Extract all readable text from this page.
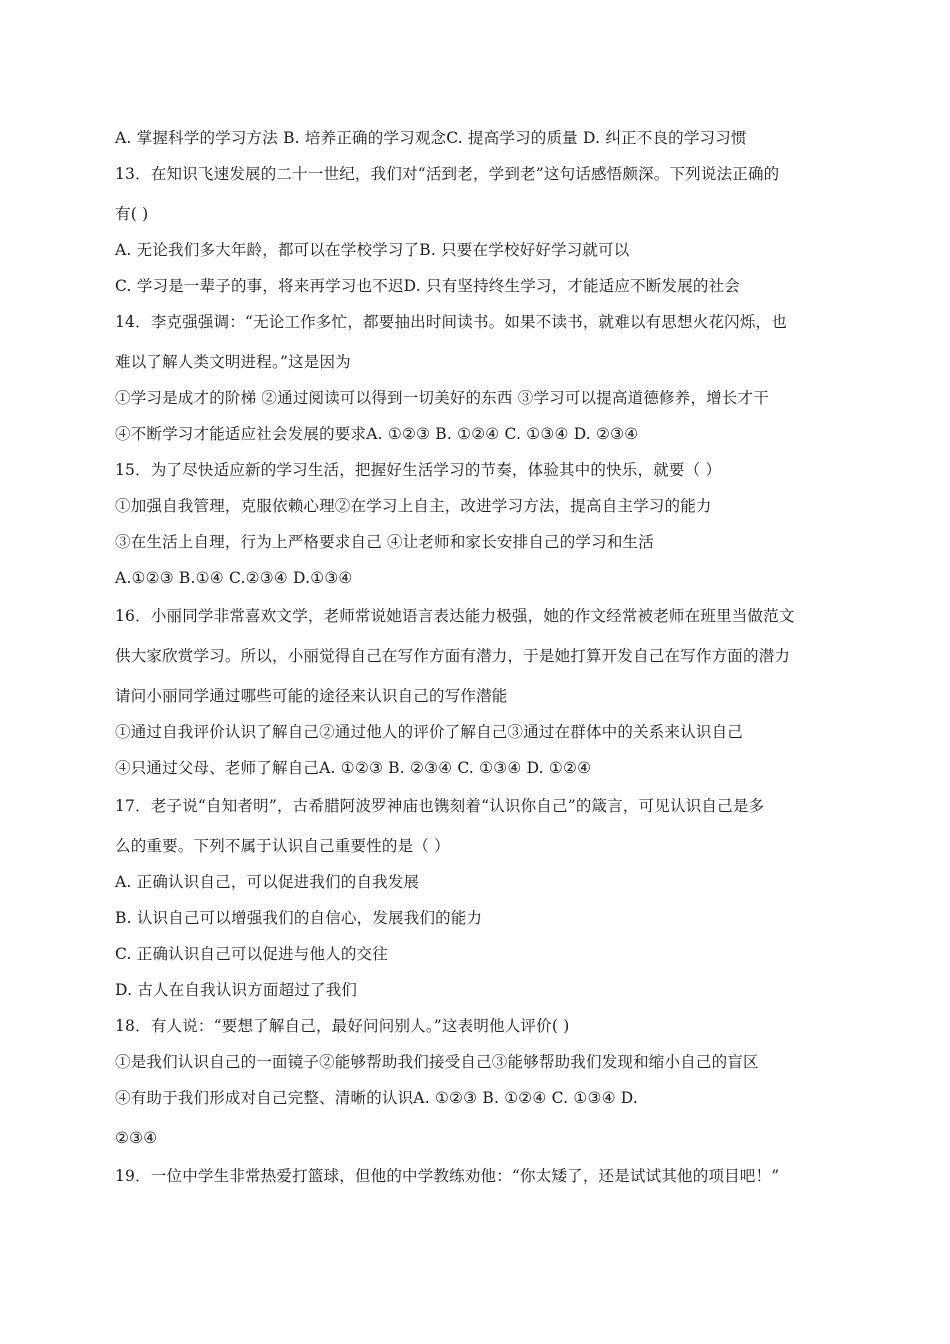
A. 掌握科学的学习方法 B. 培养正确的学习观念C. 提高学习的质量 D. 纠正不良的学习习惯
13．在知识飞速发展的二十一世纪，我们对“活到老，学到老”这句话感悟颇深。下列说法正确的
有( )
A. 无论我们多大年龄，都可以在学校学习了B. 只要在学校好好学习就可以
C. 学习是一辈子的事，将来再学习也不迟D. 只有坚持终生学习，才能适应不断发展的社会
14．李克强强调：“无论工作多忙，都要抽出时间读书。如果不读书，就难以有思想火花闪烁，也
难以了解人类文明进程。”这是因为
①学习是成才的阶梯 ②通过阅读可以得到一切美好的东西 ③学习可以提高道德修养，增长才干
④不断学习才能适应社会发展的要求A. ①②③ B. ①②④ C. ①③④ D. ②③④
15．为了尽快适应新的学习生活，把握好生活学习的节奏，体验其中的快乐，就要（ ）
①加强自我管理，克服依赖心理②在学习上自主，改进学习方法，提高自主学习的能力
③在生活上自理，行为上严格要求自己 ④让老师和家长安排自己的学习和生活
A.①②③ B.①④ C.②③④ D.①③④
16．小丽同学非常喜欢文学，老师常说她语言表达能力极强，她的作文经常被老师在班里当做范文
供大家欣赏学习。所以，小丽觉得自己在写作方面有潜力，于是她打算开发自己在写作方面的潜力
请问小丽同学通过哪些可能的途径来认识自己的写作潜能
①通过自我评价认识了解自己②通过他人的评价了解自己③通过在群体中的关系来认识自己
④只通过父母、老师了解自己A. ①②③ B. ②③④ C. ①③④ D. ①②④
17．老子说“自知者明”，古希腊阿波罗神庙也镌刻着“认识你自己”的箴言，可见认识自己是多
么的重要。下列不属于认识自己重要性的是（ ）
A. 正确认识自己，可以促进我们的自我发展
B. 认识自己可以增强我们的自信心，发展我们的能力
C. 正确认识自己可以促进与他人的交往
D. 古人在自我认识方面超过了我们
18．有人说：“要想了解自己，最好问问别人。”这表明他人评价( )
①是我们认识自己的一面镜子②能够帮助我们接受自己③能够帮助我们发现和缩小自己的盲区
④有助于我们形成对自己完整、清晰的认识A. ①②③ B. ①②④ C. ①③④ D.
②③④
19．一位中学生非常热爱打篮球，但他的中学教练劝他：“你太矮了，还是试试其他的项目吧！”
